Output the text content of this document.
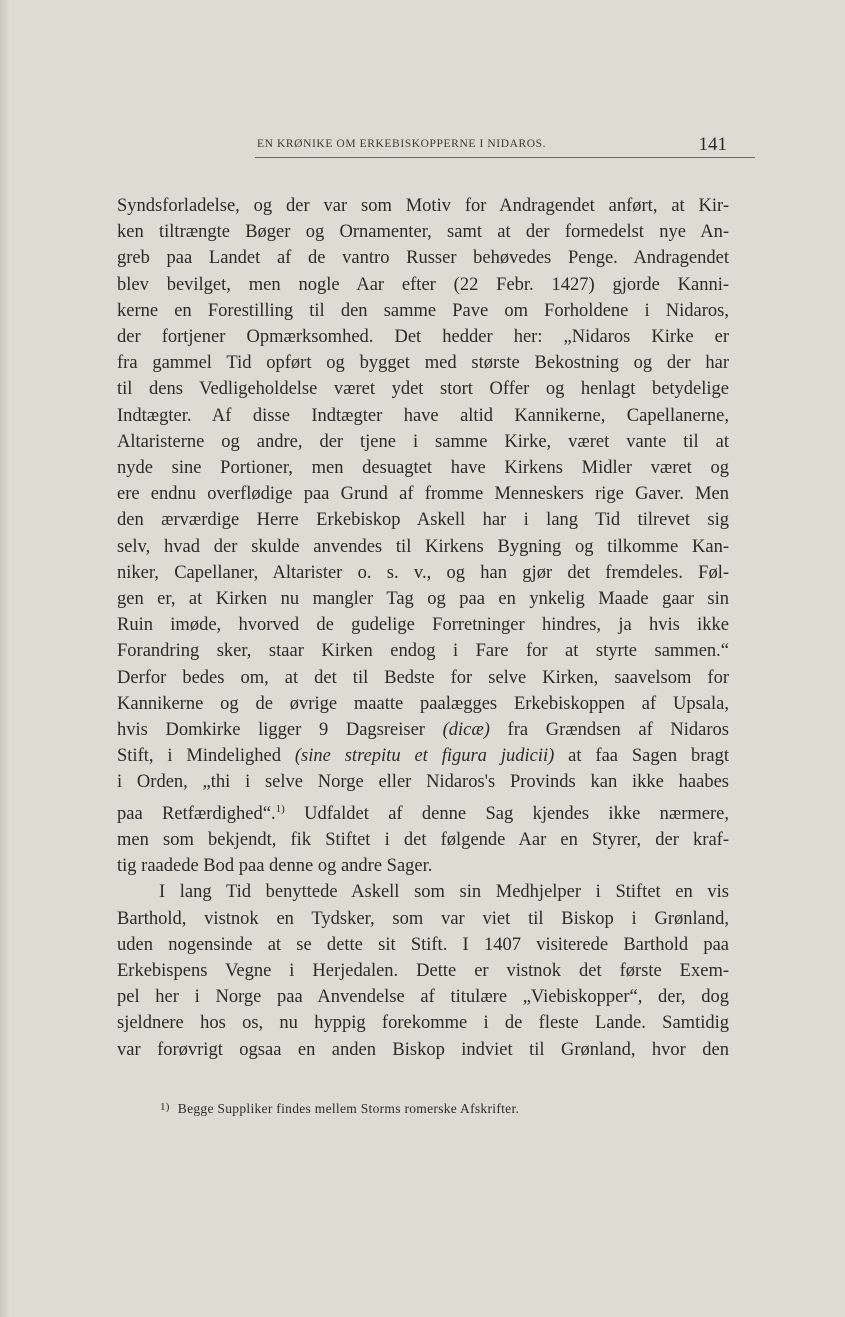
EN KRØNIKE OM ERKEBISKOPPERNE I NIDAROS.	141

Syndsforladelse, og der var som Motiv for Andragendet anført, at Kir-
ken tiltrængte Bøger og Ornamenter, samt at der formedelst nye An-
greb paa Landet af de vantro Russer behøvedes Penge. Andragendet
blev bevilget, men nogle Aar efter (22 Febr. 1427) gjorde Kanni-
kerne en Forestilling til den samme Pave om Forholdene i Nidaros,
der fortjener Opmærksomhed. Det hedder her: „Nidaros Kirke er
fra gammel Tid opført og bygget med største Bekostning og der har
til dens Vedligeholdelse været ydet stort Offer og henlagt betydelige
Indtægter. Af disse Indtægter have altid Kannikerne, Capellanerne,
Altaristerne og andre, der tjene i samme Kirke, været vante til at
nyde sine Portioner, men desuagtet have Kirkens Midler været og
ere endnu overflødige paa Grund af fromme Menneskers rige Gaver. Men
den ærværdige Herre Erkebiskop Askell har i lang Tid tilrevet sig
selv, hvad der skulde anvendes til Kirkens Bygning og tilkomme Kan-
niker, Capellaner, Altarister o. s. v., og han gjør det fremdeles. Føl-
gen er, at Kirken nu mangler Tag og paa en ynkelig Maade gaar sin
Ruin imøde, hvorved de gudelige Forretninger hindres, ja hvis ikke
Forandring sker, staar Kirken endog i Fare for at styrte sammen.“
Derfor bedes om, at det til Bedste for selve Kirken, saavelsom for
Kannikerne og de øvrige maatte paalægges Erkebiskoppen af Upsala,
hvis Domkirke ligger 9 Dagsreiser (dicæ) fra Grændsen af Nidaros
Stift, i Mindelighed (sine strepitu et figura judicii) at faa Sagen bragt
i Orden, „thi i selve Norge eller Nidaros's Provinds kan ikke haabes
paa Retfærdighed“.$^{1)}$ Udfaldet af denne Sag kjendes ikke nærmere,
men som bekjendt, fik Stiftet i det følgende Aar en Styrer, der kraf-
tig raadede Bod paa denne og andre Sager.

I lang Tid benyttede Askell som sin Medhjelper i Stiftet en vis
Barthold, vistnok en Tydsker, som var viet til Biskop i Grønland,
uden nogensinde at se dette sit Stift. I 1407 visiterede Barthold paa
Erkebispens Vegne i Herjedalen. Dette er vistnok det første Exem-
pel her i Norge paa Anvendelse af titulære „Viebiskopper“, der, dog
sjeldnere hos os, nu hyppig forekomme i de fleste Lande. Samtidig
var forøvrigt ogsaa en anden Biskop indviet til Grønland, hvor den

$^{1)}$ Begge Suppliker findes mellem Storms romerske Afskrifter.
